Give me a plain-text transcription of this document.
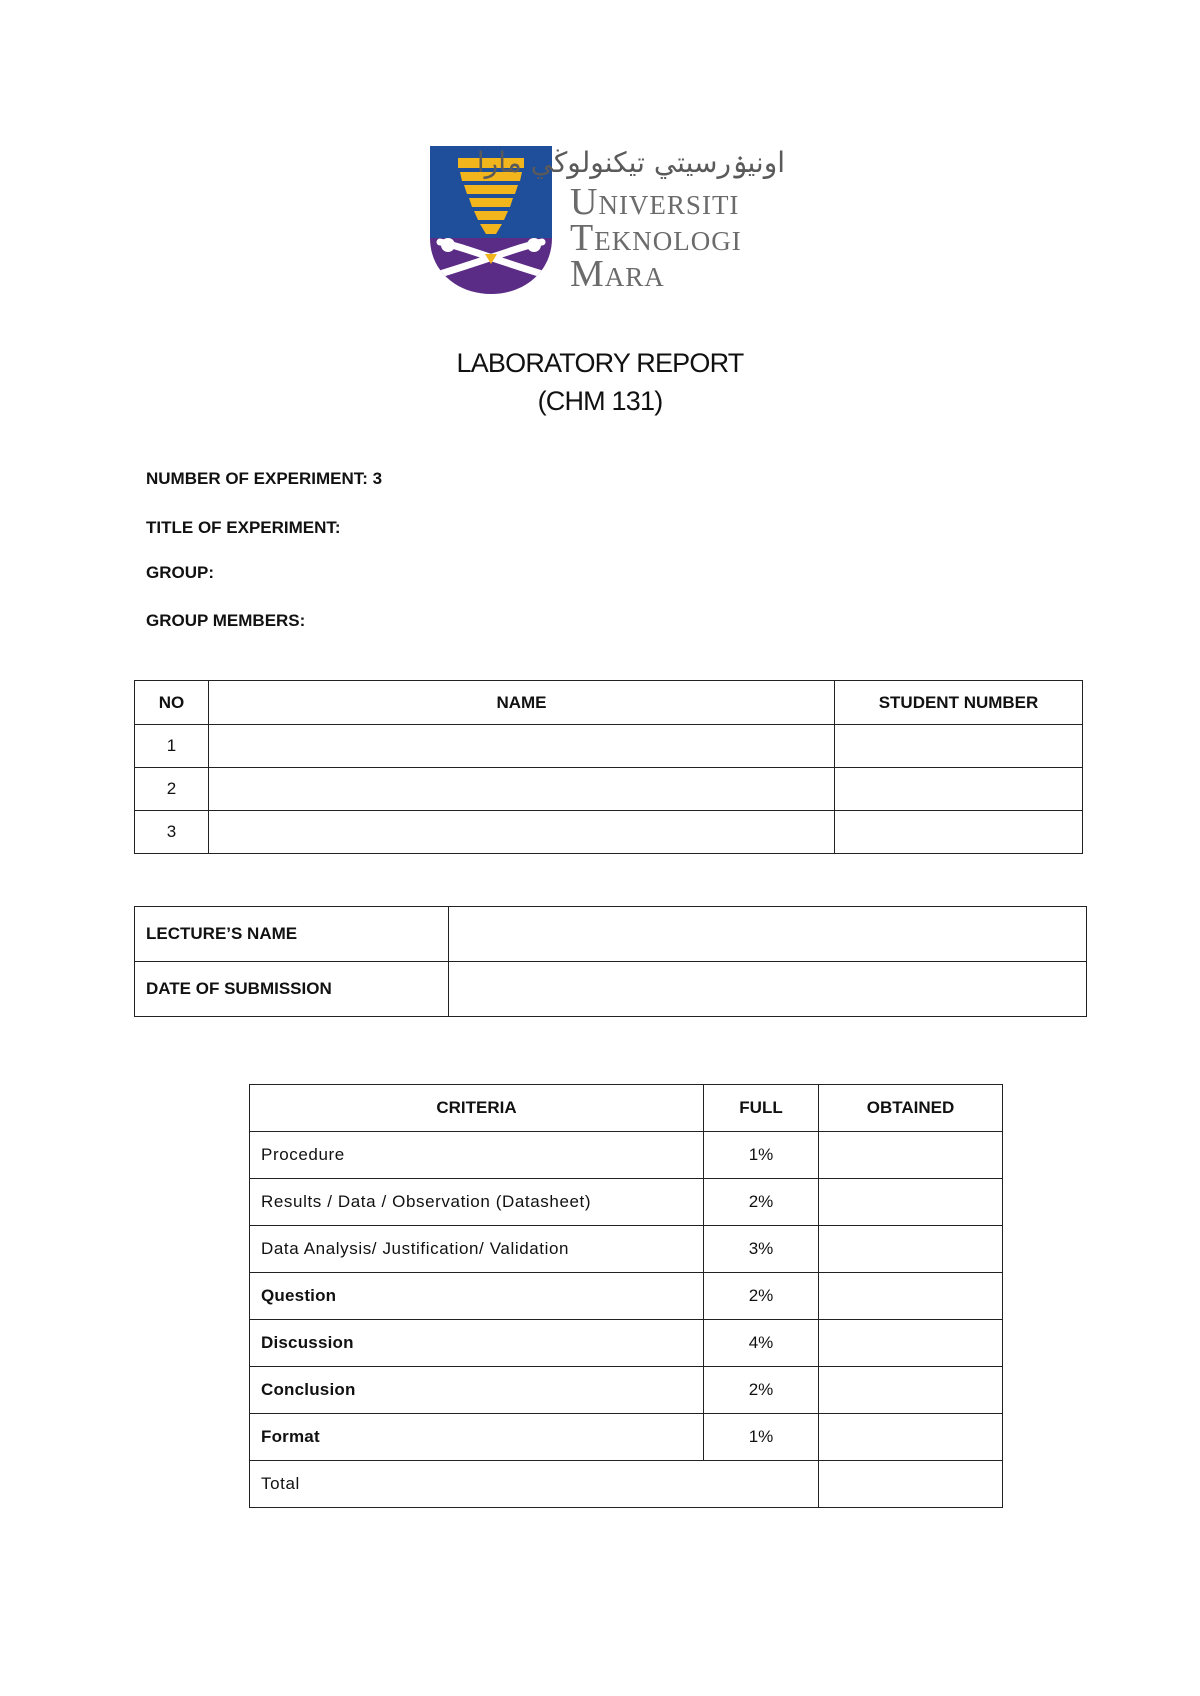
اونيۏرسيتي تيکنولوڬي مارا
Universiti
Teknologi
Mara
LABORATORY REPORT
(CHM 131)
NUMBER OF EXPERIMENT: 3
TITLE OF EXPERIMENT:
GROUP:
GROUP MEMBERS:
NO	NAME	STUDENT NUMBER
1		
2		
3		
LECTURE’S NAME	
DATE OF SUBMISSION	
CRITERIA	FULL	OBTAINED
Procedure	1%	
Results / Data / Observation (Datasheet)	2%	
Data Analysis/ Justification/ Validation	3%	
Question	2%	
Discussion	4%	
Conclusion	2%	
Format	1%	
Total		
